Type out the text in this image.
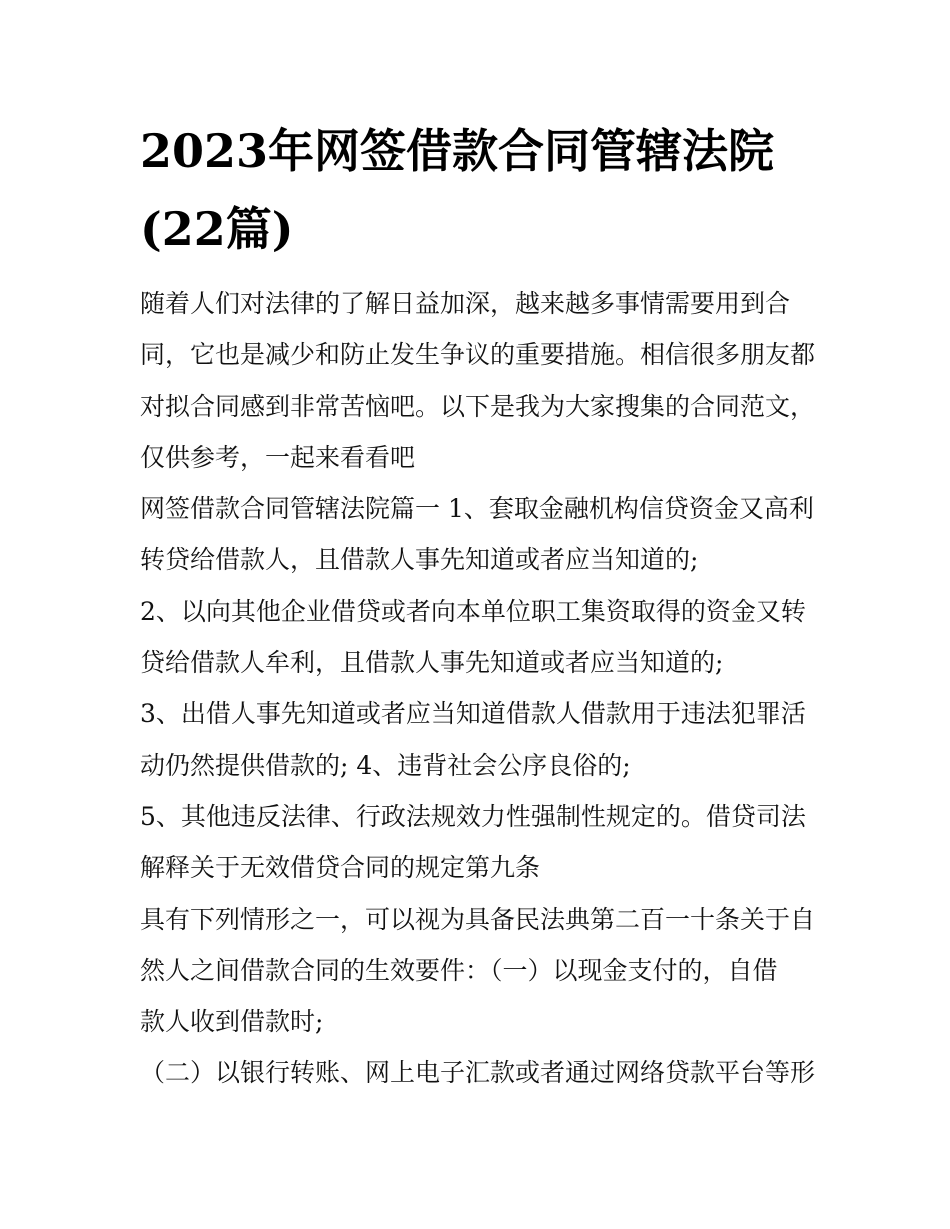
2023年网签借款合同管辖法院
(22篇)
随着人们对法律的了解日益加深，越来越多事情需要用到合
同，它也是减少和防止发生争议的重要措施。相信很多朋友都
对拟合同感到非常苦恼吧。以下是我为大家搜集的合同范文，
仅供参考，一起来看看吧
网签借款合同管辖法院篇一 1、套取金融机构信贷资金又高利
转贷给借款人，且借款人事先知道或者应当知道的;
2、以向其他企业借贷或者向本单位职工集资取得的资金又转
贷给借款人牟利，且借款人事先知道或者应当知道的;
3、出借人事先知道或者应当知道借款人借款用于违法犯罪活
动仍然提供借款的; 4、违背社会公序良俗的;
5、其他违反法律、行政法规效力性强制性规定的。借贷司法
解释关于无效借贷合同的规定第九条
具有下列情形之一，可以视为具备民法典第二百一十条关于自
然人之间借款合同的生效要件：（一）以现金支付的，自借
款人收到借款时;
（二）以银行转账、网上电子汇款或者通过网络贷款平台等形
